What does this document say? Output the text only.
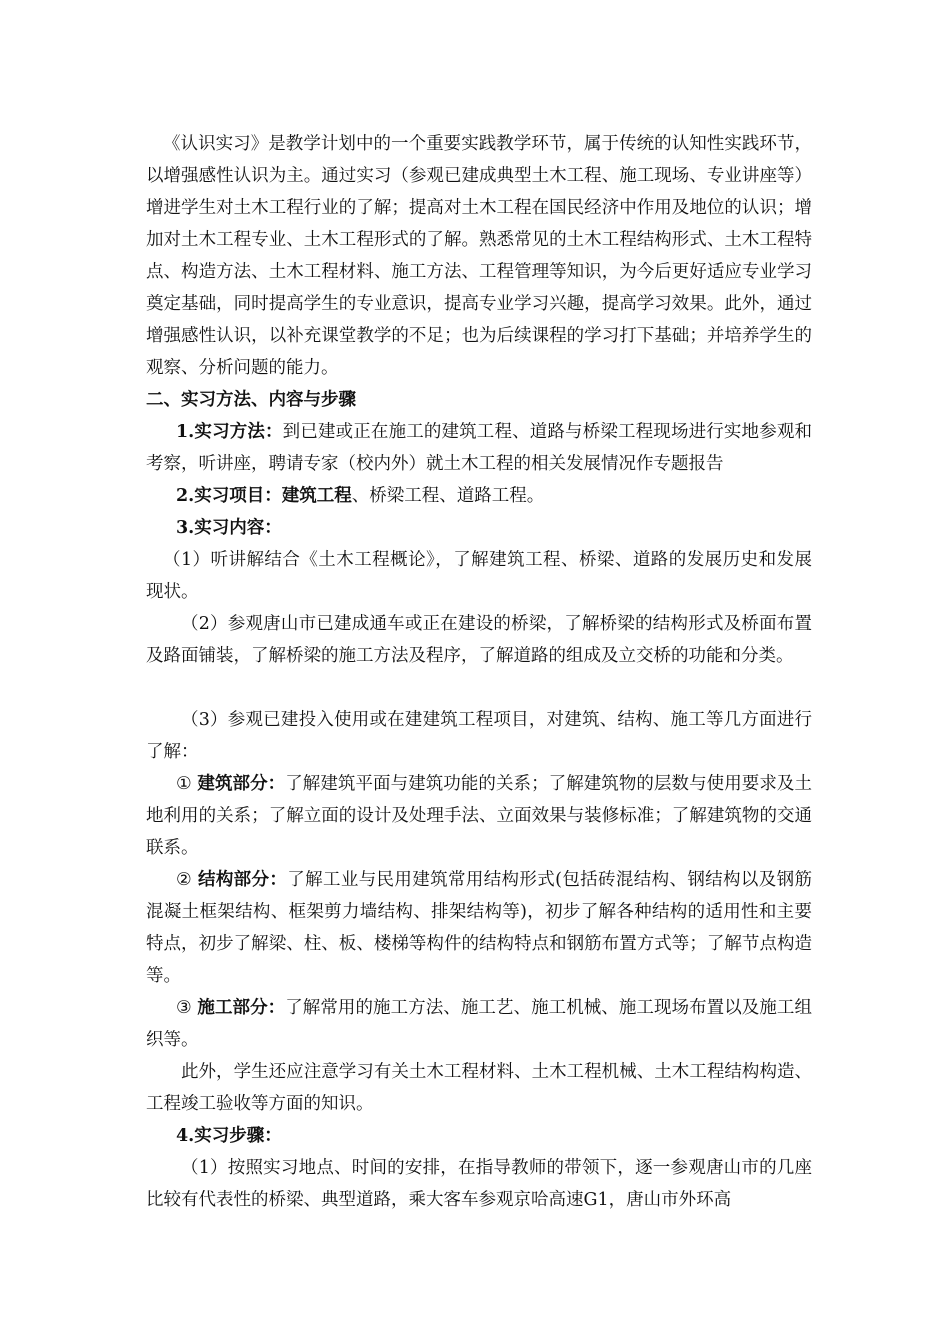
《认识实习》是教学计划中的一个重要实践教学环节，属于传统的认知性实践环节，以增强感性认识为主。通过实习（参观已建成典型土木工程、施工现场、专业讲座等）增进学生对土木工程行业的了解；提高对土木工程在国民经济中作用及地位的认识；增加对土木工程专业、土木工程形式的了解。熟悉常见的土木工程结构形式、土木工程特点、构造方法、土木工程材料、施工方法、工程管理等知识，为今后更好适应专业学习奠定基础，同时提高学生的专业意识，提高专业学习兴趣，提高学习效果。此外，通过增强感性认识，以补充课堂教学的不足；也为后续课程的学习打下基础；并培养学生的观察、分析问题的能力。
二、实习方法、内容与步骤
1.实习方法：到已建或正在施工的建筑工程、道路与桥梁工程现场进行实地参观和考察，听讲座，聘请专家（校内外）就土木工程的相关发展情况作专题报告
2.实习项目：建筑工程、桥梁工程、道路工程。
3.实习内容：
（1）听讲解结合《土木工程概论》，了解建筑工程、桥梁、道路的发展历史和发展现状。
（2）参观唐山市已建成通车或正在建设的桥梁，了解桥梁的结构形式及桥面布置及路面铺装，了解桥梁的施工方法及程序，了解道路的组成及立交桥的功能和分类。
（3）参观已建投入使用或在建建筑工程项目，对建筑、结构、施工等几方面进行了解：
① 建筑部分：了解建筑平面与建筑功能的关系；了解建筑物的层数与使用要求及土地利用的关系；了解立面的设计及处理手法、立面效果与装修标准；了解建筑物的交通联系。
② 结构部分：了解工业与民用建筑常用结构形式(包括砖混结构、钢结构以及钢筋混凝土框架结构、框架剪力墙结构、排架结构等)，初步了解各种结构的适用性和主要特点，初步了解梁、柱、板、楼梯等构件的结构特点和钢筋布置方式等；了解节点构造等。
③ 施工部分：了解常用的施工方法、施工艺、施工机械、施工现场布置以及施工组织等。
此外，学生还应注意学习有关土木工程材料、土木工程机械、土木工程结构构造、工程竣工验收等方面的知识。
4.实习步骤：
（1）按照实习地点、时间的安排，在指导教师的带领下，逐一参观唐山市的几座比较有代表性的桥梁、典型道路，乘大客车参观京哈高速G1，唐山市外环高
